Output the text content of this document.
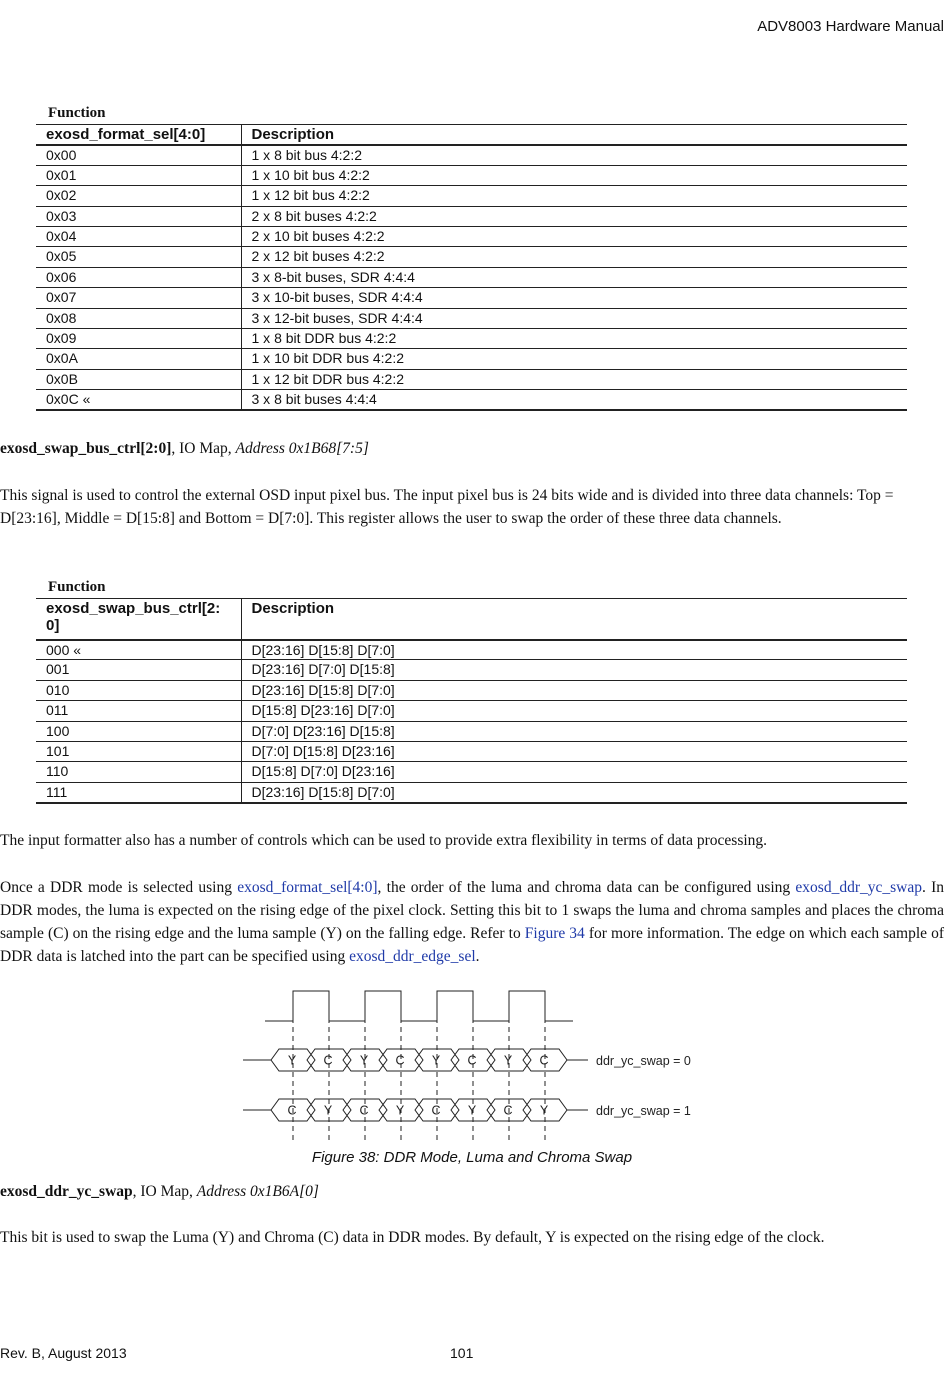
ADV8003 Hardware Manual
Function
exosd_format_sel[4:0]	Description
0x00	1 x 8 bit bus 4:2:2
0x01	1 x 10 bit bus 4:2:2
0x02	1 x 12 bit bus 4:2:2
0x03	2 x 8 bit buses 4:2:2
0x04	2 x 10 bit buses 4:2:2
0x05	2 x 12 bit buses 4:2:2
0x06	3 x 8-bit buses, SDR 4:4:4
0x07	3 x 10-bit buses, SDR 4:4:4
0x08	3 x 12-bit buses, SDR 4:4:4
0x09	1 x 8 bit DDR bus 4:2:2
0x0A	1 x 10 bit DDR bus 4:2:2
0x0B	1 x 12 bit DDR bus 4:2:2
0x0C «	3 x 8 bit buses 4:4:4
exosd_swap_bus_ctrl[2:0], IO Map, Address 0x1B68[7:5]
This signal is used to control the external OSD input pixel bus. The input pixel bus is 24 bits wide and is divided into three data channels: Top = D[23:16], Middle = D[15:8] and Bottom = D[7:0]. This register allows the user to swap the order of these three data channels.
Function
exosd_swap_bus_ctrl[2:
0]	Description
000 «	D[23:16] D[15:8] D[7:0]
001	D[23:16] D[7:0] D[15:8]
010	D[23:16] D[15:8] D[7:0]
011	D[15:8] D[23:16] D[7:0]
100	D[7:0] D[23:16] D[15:8]
101	D[7:0] D[15:8] D[23:16]
110	D[15:8] D[7:0] D[23:16]
111	D[23:16] D[15:8] D[7:0]
The input formatter also has a number of controls which can be used to provide extra flexibility in terms of data processing.
Once a DDR mode is selected using exosd_format_sel[4:0], the order of the luma and chroma data can be configured using exosd_ddr_yc_swap. In DDR modes, the luma is expected on the rising edge of the pixel clock. Setting this bit to 1 swaps the luma and chroma samples and places the chroma sample (C) on the rising edge and the luma sample (Y) on the falling edge. Refer to Figure 34 for more information. The edge on which each sample of DDR data is latched into the part can be specified using exosd_ddr_edge_sel.
Y C Y C Y C Y C
C Y C Y C Y C Y
ddr_yc_swap = 0
ddr_yc_swap = 1
Figure 38: DDR Mode, Luma and Chroma Swap
exosd_ddr_yc_swap, IO Map, Address 0x1B6A[0]
This bit is used to swap the Luma (Y) and Chroma (C) data in DDR modes. By default, Y is expected on the rising edge of the clock.
Rev. B, August 2013	101
